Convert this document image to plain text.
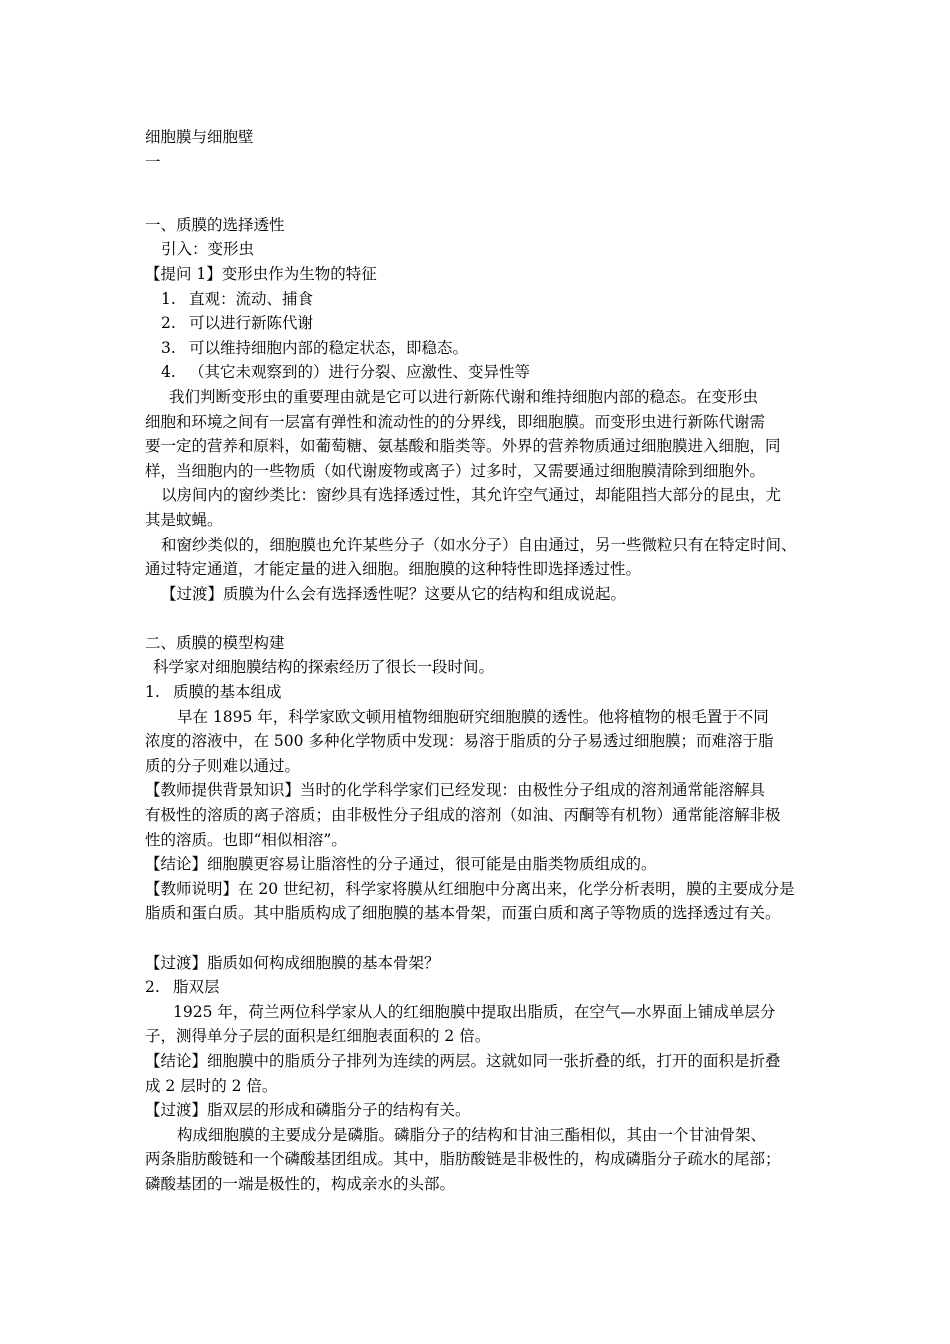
细胞膜与细胞壁
一
一、质膜的选择透性
引入：变形虫
【提问 1】变形虫作为生物的特征
1. 直观：流动、捕食
2. 可以进行新陈代谢
3. 可以维持细胞内部的稳定状态，即稳态。
4. （其它未观察到的）进行分裂、应激性、变异性等
我们判断变形虫的重要理由就是它可以进行新陈代谢和维持细胞内部的稳态。在变形虫
细胞和环境之间有一层富有弹性和流动性的的分界线，即细胞膜。而变形虫进行新陈代谢需
要一定的营养和原料，如葡萄糖、氨基酸和脂类等。外界的营养物质通过细胞膜进入细胞，同
样，当细胞内的一些物质（如代谢废物或离子）过多时，又需要通过细胞膜清除到细胞外。
以房间内的窗纱类比：窗纱具有选择透过性，其允许空气通过，却能阻挡大部分的昆虫，尤
其是蚊蝇。
和窗纱类似的，细胞膜也允许某些分子（如水分子）自由通过，另一些微粒只有在特定时间、
通过特定通道，才能定量的进入细胞。细胞膜的这种特性即选择透过性。
【过渡】质膜为什么会有选择透性呢？这要从它的结构和组成说起。
二、质膜的模型构建
科学家对细胞膜结构的探索经历了很长一段时间。
1. 质膜的基本组成
早在 1895 年，科学家欧文顿用植物细胞研究细胞膜的透性。他将植物的根毛置于不同
浓度的溶液中，在 500 多种化学物质中发现：易溶于脂质的分子易透过细胞膜；而难溶于脂
质的分子则难以通过。
【教师提供背景知识】当时的化学科学家们已经发现：由极性分子组成的溶剂通常能溶解具
有极性的溶质的离子溶质；由非极性分子组成的溶剂（如油、丙酮等有机物）通常能溶解非极
性的溶质。也即“相似相溶”。
【结论】细胞膜更容易让脂溶性的分子通过，很可能是由脂类物质组成的。
【教师说明】在 20 世纪初，科学家将膜从红细胞中分离出来，化学分析表明，膜的主要成分是
脂质和蛋白质。其中脂质构成了细胞膜的基本骨架，而蛋白质和离子等物质的选择透过有关。
【过渡】脂质如何构成细胞膜的基本骨架？
2. 脂双层
1925 年，荷兰两位科学家从人的红细胞膜中提取出脂质，在空气—水界面上铺成单层分
子，测得单分子层的面积是红细胞表面积的 2 倍。
【结论】细胞膜中的脂质分子排列为连续的两层。这就如同一张折叠的纸，打开的面积是折叠
成 2 层时的 2 倍。
【过渡】脂双层的形成和磷脂分子的结构有关。
构成细胞膜的主要成分是磷脂。磷脂分子的结构和甘油三酯相似，其由一个甘油骨架、
两条脂肪酸链和一个磷酸基团组成。其中，脂肪酸链是非极性的，构成磷脂分子疏水的尾部；
磷酸基团的一端是极性的，构成亲水的头部。
